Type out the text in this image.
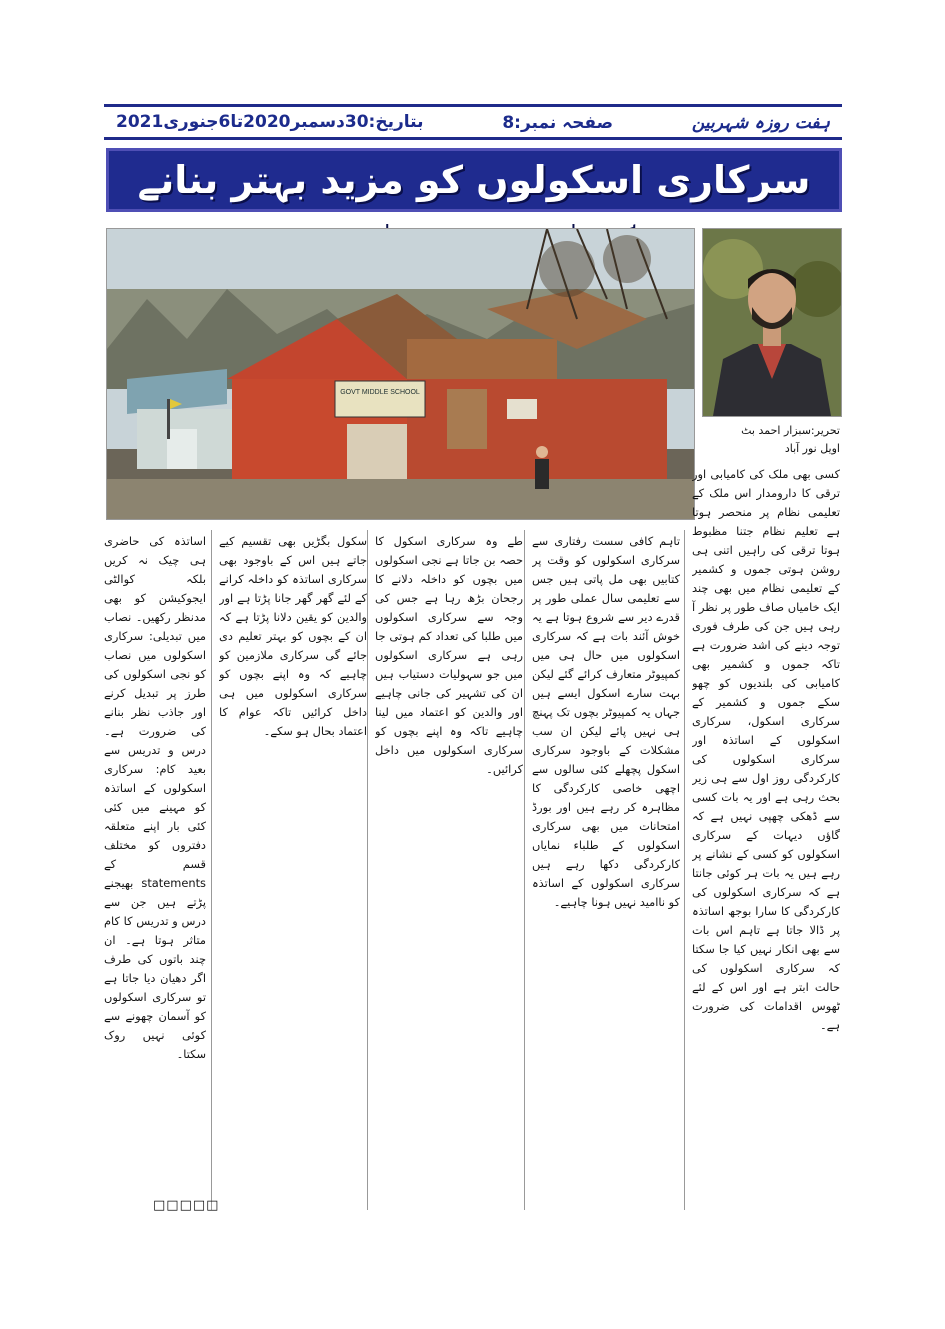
ہفت روزہ شہربین
صفحہ نمبر:8
بتاریخ:30دسمبر2020تا6جنوری2021
سرکاری اسکولوں کو مزید بہتر بنانے
GOVT MIDDLE SCHOOL
تحریر:سبزار احمد بٹ
اویل نور آباد

کسی بھی ملک کی کامیابی اور ترقی کا دارومدار اس ملک کے تعلیمی نظام پر منحصر ہوتا ہے تعلیم نظام جتنا مظبوط ہوتا ترقی کی راہیں اتنی ہی روشن ہوتی جموں و کشمیر کے تعلیمی نظام میں بھی چند ایک خامیاں صاف طور پر نظر آ رہی ہیں جن کی طرف فوری توجہ دینے کی اشد ضرورت ہے تاکہ جموں و کشمیر بھی کامیابی کی بلندیوں کو چھو سکے جموں و کشمیر کے سرکاری اسکول، سرکاری اسکولوں کے اساتذہ اور سرکاری اسکولوں کی کارکردگی روز اول سے ہی زیر بحث رہی ہے اور یہ بات کسی سے ڈھکی چھپی نہیں ہے کہ گاؤں دیہات کے سرکاری اسکولوں کو کسی کے نشانے پر رہے ہیں یہ بات ہر کوئی جانتا ہے کہ سرکاری اسکولوں کی کارکردگی کا سارا بوجھ اساتذہ پر ڈالا جاتا ہے تاہم اس بات سے بھی انکار نہیں کیا جا سکتا کہ سرکاری اسکولوں کی حالت ابتر ہے اور اس کے لئے ٹھوس اقدامات کی ضرورت ہے۔

تاہم کافی سست رفتاری سے سرکاری اسکولوں کو وقت پر کتابیں بھی مل پاتی ہیں جس سے تعلیمی سال عملی طور پر قدرے دیر سے شروع ہوتا ہے یہ خوش آئند بات ہے کہ سرکاری اسکولوں میں حال ہی میں کمپیوٹر متعارف کرائے گئے لیکن بہت سارے اسکول ایسے ہیں جہاں یہ کمپیوٹر بچوں تک پہنچ ہی نہیں پائے لیکن ان سب مشکلات کے باوجود سرکاری اسکول پچھلے کئی سالوں سے اچھی خاصی کارکردگی کا مظاہرہ کر رہے ہیں اور بورڈ امتحانات میں بھی سرکاری اسکولوں کے طلباء نمایاں کارکردگی دکھا رہے ہیں سرکاری اسکولوں کے اساتذہ کو ناامید نہیں ہونا چاہیے۔

طے وہ سرکاری اسکول کا حصہ بن جاتا ہے نجی اسکولوں میں بچوں کو داخلہ دلانے کا رجحان بڑھ رہا ہے جس کی وجہ سے سرکاری اسکولوں میں طلبا کی تعداد کم ہوتی جا رہی ہے سرکاری اسکولوں میں جو سہولیات دستیاب ہیں ان کی تشہیر کی جانی چاہیے اور والدین کو اعتماد میں لینا چاہیے تاکہ وہ اپنے بچوں کو سرکاری اسکولوں میں داخل کرائیں۔

سکول بگڑیں بھی تقسیم کیے جاتے ہیں اس کے باوجود بھی سرکاری اساتذہ کو داخلہ کرانے کے لئے گھر گھر جانا پڑتا ہے اور والدین کو یقین دلانا پڑتا ہے کہ ان کے بچوں کو بہتر تعلیم دی جائے گی سرکاری ملازمین کو چاہیے کہ وہ اپنے بچوں کو سرکاری اسکولوں میں ہی داخل کرائیں تاکہ عوام کا اعتماد بحال ہو سکے۔

اساتذہ کی حاضری ہی چیک نہ کریں بلکہ کوالٹی ایجوکیشن کو بھی مدنظر رکھیں۔ نصاب میں تبدیلی: سرکاری اسکولوں میں نصاب کو نجی اسکولوں کی طرز پر تبدیل کرنے اور جاذب نظر بنانے کی ضرورت ہے۔ درس و تدریس سے بعید کام: سرکاری اسکولوں کے اساتذہ کو مہینے میں کئی کئی بار اپنے متعلقہ دفتروں کو مختلف قسم کے statements بھیجنے پڑتے ہیں جن سے درس و تدریس کا کام متاثر ہوتا ہے۔ ان چند باتوں کی طرف اگر دھیان دیا جاتا ہے تو سرکاری اسکولوں کو آسمان چھونے سے کوئی نہیں روک سکتا۔

□□□□□
